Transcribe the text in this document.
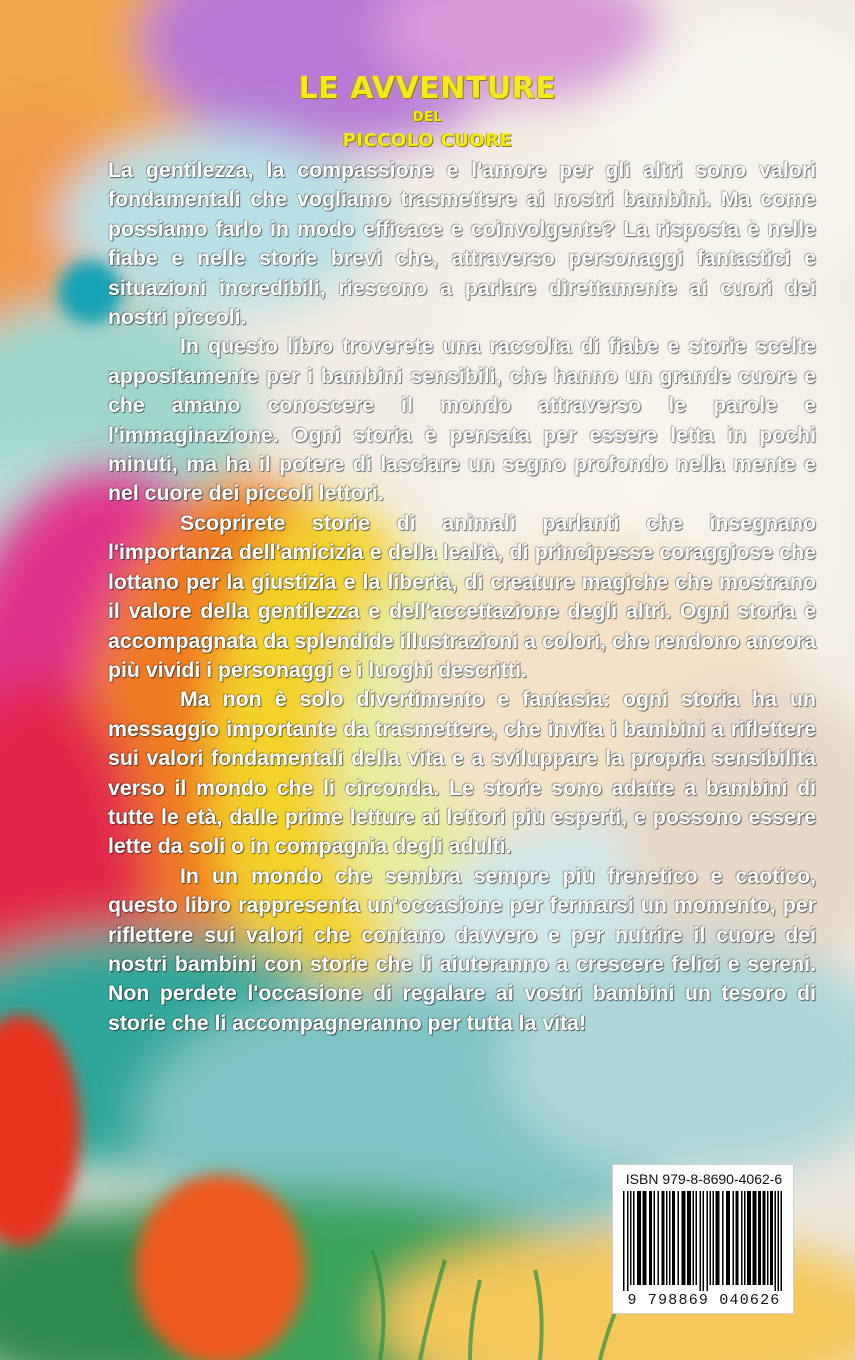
LE AVVENTURE
DEL
PICCOLO CUORE

La gentilezza, la compassione e l'amore per gli altri sono valori fondamentali che vogliamo trasmettere ai nostri bambini. Ma come possiamo farlo in modo efficace e coinvolgente? La risposta è nelle fiabe e nelle storie brevi che, attraverso personaggi fantastici e situazioni incredibili, riescono a parlare direttamente ai cuori dei nostri piccoli.

In questo libro troverete una raccolta di fiabe e storie scelte appositamente per i bambini sensibili, che hanno un grande cuore e che amano conoscere il mondo attraverso le parole e l'immaginazione. Ogni storia è pensata per essere letta in pochi minuti, ma ha il potere di lasciare un segno profondo nella mente e nel cuore dei piccoli lettori.

Scoprirete storie di animali parlanti che insegnano l'importanza dell'amicizia e della lealtà, di principesse coraggiose che lottano per la giustizia e la libertà, di creature magiche che mostrano il valore della gentilezza e dell'accettazione degli altri. Ogni storia è accompagnata da splendide illustrazioni a colori, che rendono ancora più vividi i personaggi e i luoghi descritti.

Ma non è solo divertimento e fantasia: ogni storia ha un messaggio importante da trasmettere, che invita i bambini a riflettere sui valori fondamentali della vita e a sviluppare la propria sensibilità verso il mondo che li circonda. Le storie sono adatte a bambini di tutte le età, dalle prime letture ai lettori più esperti, e possono essere lette da soli o in compagnia degli adulti.

In un mondo che sembra sempre più frenetico e caotico, questo libro rappresenta un'occasione per fermarsi un momento, per riflettere sui valori che contano davvero e per nutrire il cuore dei nostri bambini con storie che li aiuteranno a crescere felici e sereni. Non perdete l'occasione di regalare ai vostri bambini un tesoro di storie che li accompagneranno per tutta la vita!

ISBN 979-8-8690-4062-6
9 798869 040626
